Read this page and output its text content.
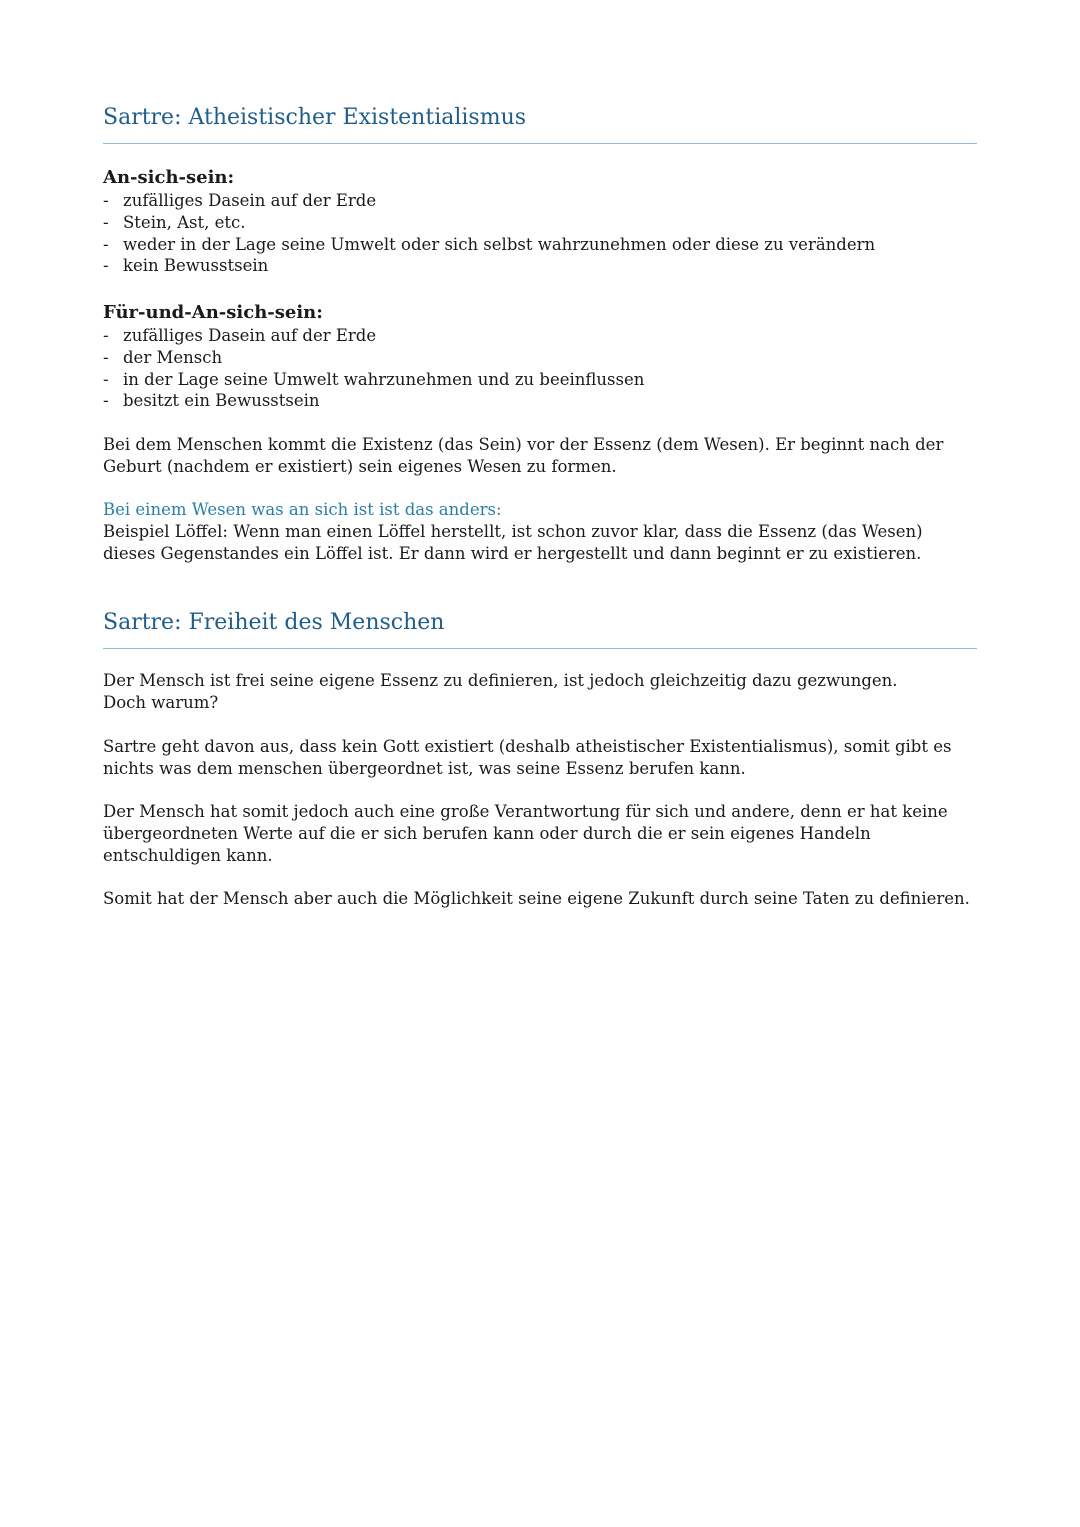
Sartre: Atheistischer Existentialismus

An-sich-sein:

- zufälliges Dasein auf der Erde
- Stein, Ast, etc.
- weder in der Lage seine Umwelt oder sich selbst wahrzunehmen oder diese zu verändern
- kein Bewusstsein

Für-und-An-sich-sein:

- zufälliges Dasein auf der Erde
- der Mensch
- in der Lage seine Umwelt wahrzunehmen und zu beeinflussen
- besitzt ein Bewusstsein

Bei dem Menschen kommt die Existenz (das Sein) vor der Essenz (dem Wesen). Er beginnt nach der Geburt (nachdem er existiert) sein eigenes Wesen zu formen.

Bei einem Wesen was an sich ist ist das anders:

Beispiel Löffel: Wenn man einen Löffel herstellt, ist schon zuvor klar, dass die Essenz (das Wesen) dieses Gegenstandes ein Löffel ist. Er dann wird er hergestellt und dann beginnt er zu existieren.

Sartre: Freiheit des Menschen

Der Mensch ist frei seine eigene Essenz zu definieren, ist jedoch gleichzeitig dazu gezwungen.

Doch warum?

Sartre geht davon aus, dass kein Gott existiert (deshalb atheistischer Existentialismus), somit gibt es nichts was dem menschen übergeordnet ist, was seine Essenz berufen kann.

Der Mensch hat somit jedoch auch eine große Verantwortung für sich und andere, denn er hat keine übergeordneten Werte auf die er sich berufen kann oder durch die er sein eigenes Handeln entschuldigen kann.

Somit hat der Mensch aber auch die Möglichkeit seine eigene Zukunft durch seine Taten zu definieren.
